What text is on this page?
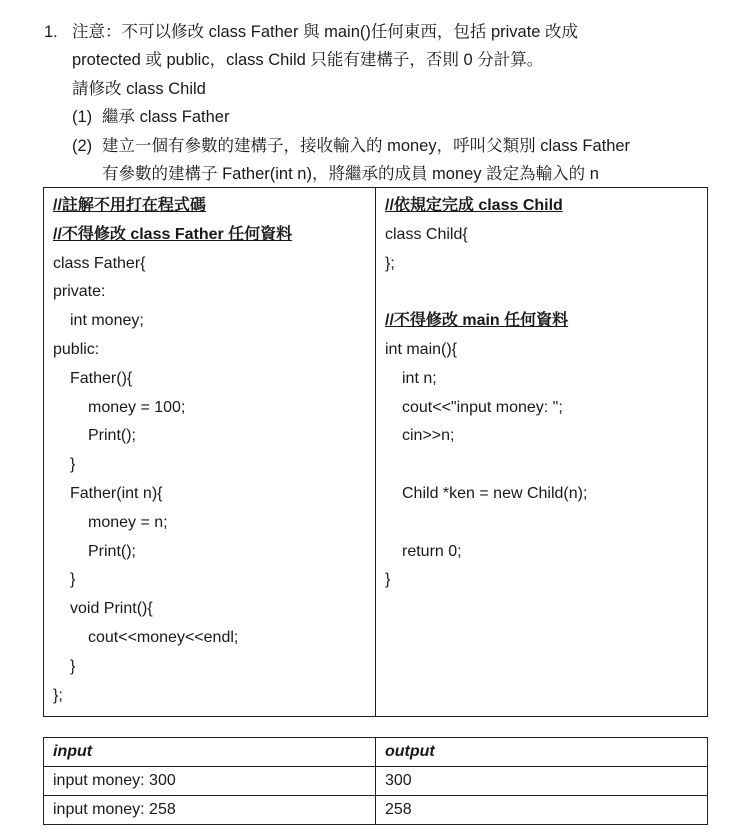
1. 注意：不可以修改 class Father 與 main()任何東西，包括 private 改成
protected 或 public，class Child 只能有建構子，否則 0 分計算。
請修改 class Child
(1) 繼承 class Father
(2) 建立一個有參數的建構子，接收輸入的 money，呼叫父類別 class Father
有參數的建構子 Father(int n)，將繼承的成員 money 設定為輸入的 n
//註解不用打在程式碼
//不得修改 class Father 任何資料
class Father{
private:
int money;
public:
Father(){
money = 100;
Print();
}
Father(int n){
money = n;
Print();
}
void Print(){
cout<<money<<endl;
}
};

//依規定完成 class Child
class Child{
};
//不得修改 main 任何資料
int main(){
int n;
cout<<"input money: ";
cin>>n;
Child *ken = new Child(n);
return 0;
}
input	output
input money: 300	300
input money: 258	258
